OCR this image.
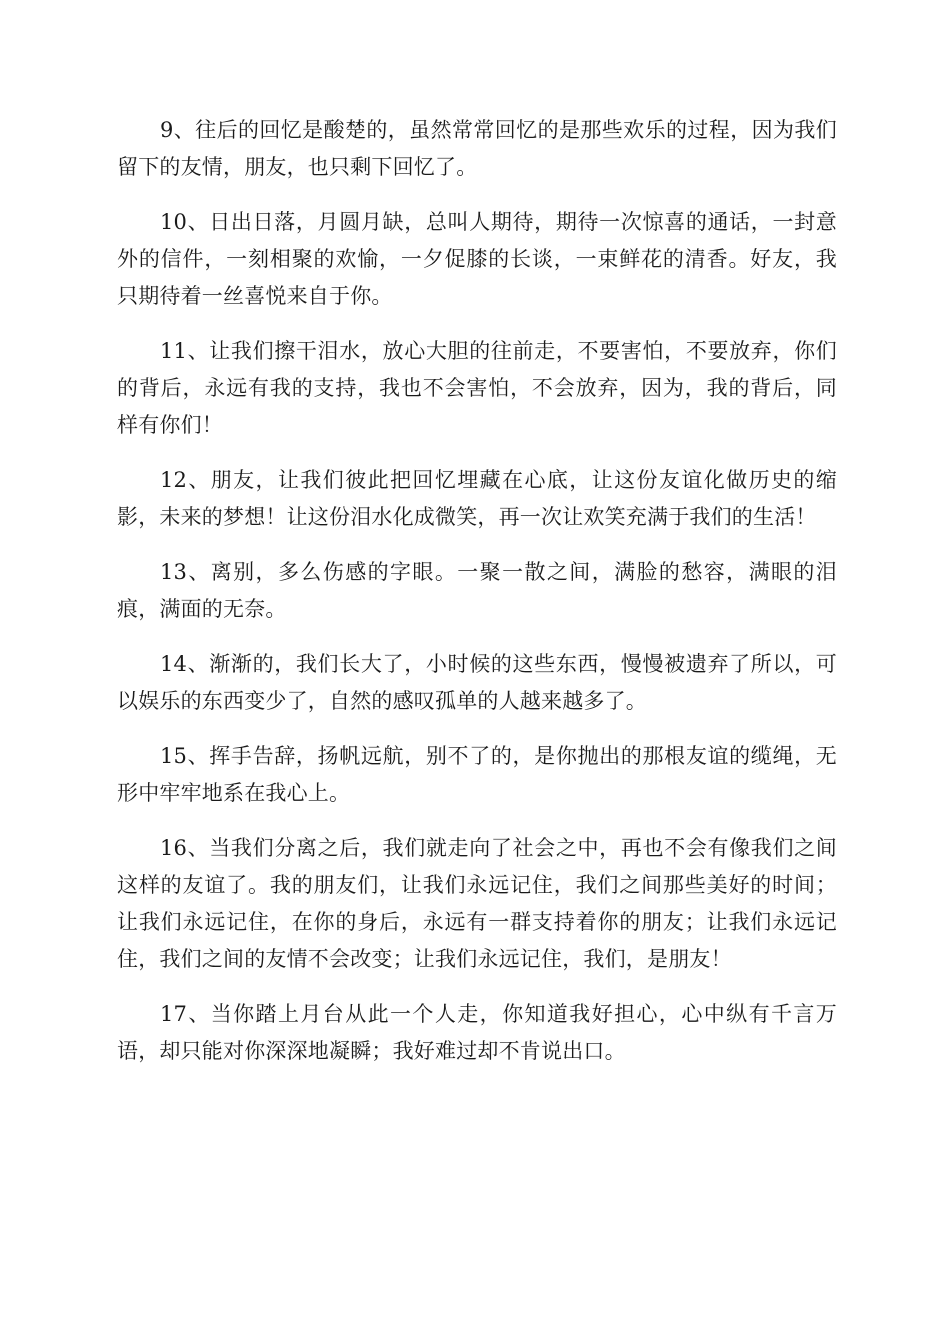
9、往后的回忆是酸楚的，虽然常常回忆的是那些欢乐的过程，因为我们留下的友情，朋友，也只剩下回忆了。

10、日出日落，月圆月缺，总叫人期待，期待一次惊喜的通话，一封意外的信件，一刻相聚的欢愉，一夕促膝的长谈，一束鲜花的清香。好友，我只期待着一丝喜悦来自于你。

11、让我们擦干泪水，放心大胆的往前走，不要害怕，不要放弃，你们的背后，永远有我的支持，我也不会害怕，不会放弃，因为，我的背后，同样有你们！

12、朋友，让我们彼此把回忆埋藏在心底，让这份友谊化做历史的缩影，未来的梦想！让这份泪水化成微笑，再一次让欢笑充满于我们的生活！

13、离别，多么伤感的字眼。一聚一散之间，满脸的愁容，满眼的泪痕，满面的无奈。

14、渐渐的，我们长大了，小时候的这些东西，慢慢被遗弃了所以，可以娱乐的东西变少了，自然的感叹孤单的人越来越多了。

15、挥手告辞，扬帆远航，别不了的，是你抛出的那根友谊的缆绳，无形中牢牢地系在我心上。

16、当我们分离之后，我们就走向了社会之中，再也不会有像我们之间这样的友谊了。我的朋友们，让我们永远记住，我们之间那些美好的时间；让我们永远记住，在你的身后，永远有一群支持着你的朋友；让我们永远记住，我们之间的友情不会改变；让我们永远记住，我们，是朋友！

17、当你踏上月台从此一个人走，你知道我好担心，心中纵有千言万语，却只能对你深深地凝瞬；我好难过却不肯说出口。
